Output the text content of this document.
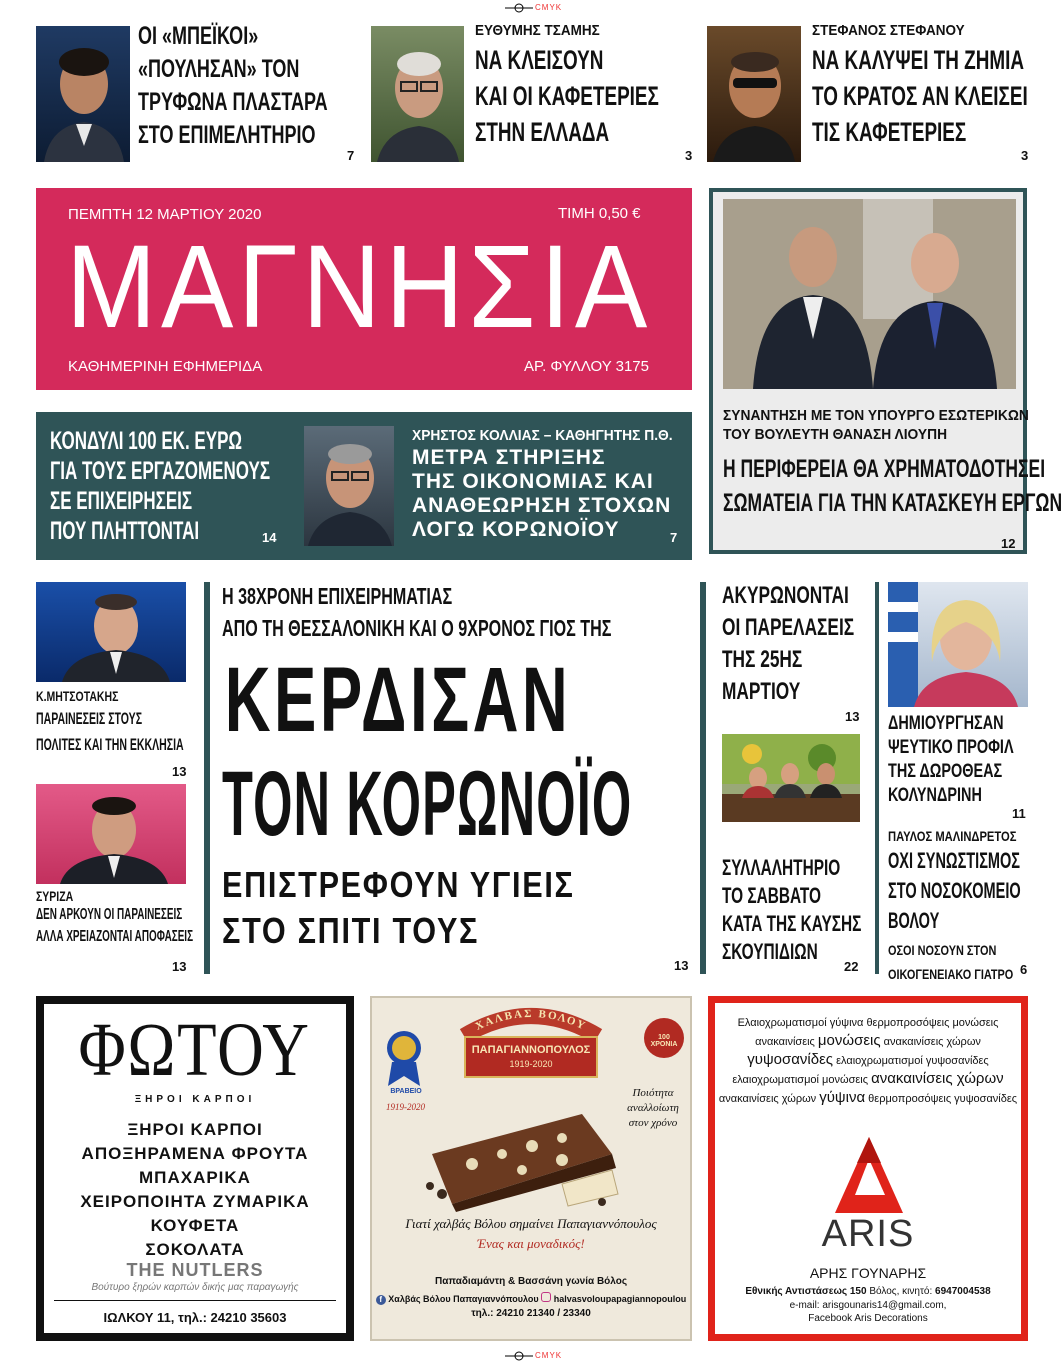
CMYK
ΟΙ «ΜΠΕΪΚΟΙ»
«ΠΟΥΛΗΣΑΝ» ΤΟΝ
ΤΡΥΦΩΝΑ ΠΛΑΣΤΑΡΑ
ΣΤΟ ΕΠΙΜΕΛΗΤΗΡΙΟ
7
ΕΥΘΥΜΗΣ ΤΣΑΜΗΣ
ΝΑ ΚΛΕΙΣΟΥΝ
ΚΑΙ ΟΙ ΚΑΦΕΤΕΡΙΕΣ
ΣΤΗΝ ΕΛΛΑΔΑ
3
ΣΤΕΦΑΝΟΣ ΣΤΕΦΑΝΟΥ
ΝΑ ΚΑΛΥΨΕΙ ΤΗ ΖΗΜΙΑ
ΤΟ ΚΡΑΤΟΣ ΑΝ ΚΛΕΙΣΕΙ
ΤΙΣ ΚΑΦΕΤΕΡΙΕΣ
3
ΠΕΜΠΤΗ 12 ΜΑΡΤΙΟΥ 2020	ΤΙΜΗ 0,50 €
ΜΑΓΝΗΣΙΑ
ΚΑΘΗΜΕΡΙΝΗ ΕΦΗΜΕΡΙΔΑ	ΑΡ. ΦΥΛΛΟΥ 3175
ΣΥΝΑΝΤΗΣΗ ΜΕ ΤΟΝ ΥΠΟΥΡΓΟ ΕΣΩΤΕΡΙΚΩΝ
ΤΟΥ ΒΟΥΛΕΥΤΗ ΘΑΝΑΣΗ ΛΙΟΥΠΗ
Η ΠΕΡΙΦΕΡΕΙΑ ΘΑ ΧΡΗΜΑΤΟΔΟΤΗΣΕΙ
ΣΩΜΑΤΕΙΑ ΓΙΑ ΤΗΝ ΚΑΤΑΣΚΕΥΗ ΕΡΓΩΝ
12
ΚΟΝΔΥΛΙ 100 ΕΚ. ΕΥΡΩ
ΓΙΑ ΤΟΥΣ ΕΡΓΑΖΟΜΕΝΟΥΣ
ΣΕ ΕΠΙΧΕΙΡΗΣΕΙΣ
ΠΟΥ ΠΛΗΤΤΟΝΤΑΙ	14
ΧΡΗΣΤΟΣ ΚΟΛΛΙΑΣ – ΚΑΘΗΓΗΤΗΣ Π.Θ.
ΜΕΤΡΑ ΣΤΗΡΙΞΗΣ
ΤΗΣ ΟΙΚΟΝΟΜΙΑΣ ΚΑΙ
ΑΝΑΘΕΩΡΗΣΗ ΣΤΟΧΩΝ
ΛΟΓΩ ΚΟΡΩΝΟΪΟΥ	7
Κ.ΜΗΤΣΟΤΑΚΗΣ
ΠΑΡΑΙΝΕΣΕΙΣ ΣΤΟΥΣ
ΠΟΛΙΤΕΣ ΚΑΙ ΤΗΝ ΕΚΚΛΗΣΙΑ
13
ΣΥΡΙΖΑ
ΔΕΝ ΑΡΚΟΥΝ ΟΙ ΠΑΡΑΙΝΕΣΕΙΣ
ΑΛΛΑ ΧΡΕΙΑΖΟΝΤΑΙ ΑΠΟΦΑΣΕΙΣ
13
Η 38ΧΡΟΝΗ ΕΠΙΧΕΙΡΗΜΑΤΙΑΣ
ΑΠΟ ΤΗ ΘΕΣΣΑΛΟΝΙΚΗ ΚΑΙ Ο 9ΧΡΟΝΟΣ ΓΙΟΣ ΤΗΣ
ΚΕΡΔΙΣΑΝ
ΤΟΝ ΚΟΡΩΝΟΪΟ
ΕΠΙΣΤΡΕΦΟΥΝ ΥΓΙΕΙΣ
ΣΤΟ ΣΠΙΤΙ ΤΟΥΣ
13
ΑΚΥΡΩΝΟΝΤΑΙ
ΟΙ ΠΑΡΕΛΑΣΕΙΣ
ΤΗΣ 25ΗΣ
ΜΑΡΤΙΟΥ
13
ΣΥΛΛΑΛΗΤΗΡΙΟ
ΤΟ ΣΑΒΒΑΤΟ
ΚΑΤΑ ΤΗΣ ΚΑΥΣΗΣ
ΣΚΟΥΠΙΔΙΩΝ
22
ΔΗΜΙΟΥΡΓΗΣΑΝ
ΨΕΥΤΙΚΟ ΠΡΟΦΙΛ
ΤΗΣ ΔΩΡΟΘΕΑΣ
ΚΟΛΥΝΔΡΙΝΗ
11
ΠΑΥΛΟΣ ΜΑΛΙΝΔΡΕΤΟΣ
ΟΧΙ ΣΥΝΩΣΤΙΣΜΟΣ
ΣΤΟ ΝΟΣΟΚΟΜΕΙΟ
ΒΟΛΟΥ
ΟΣΟΙ ΝΟΣΟΥΝ ΣΤΟΝ
ΟΙΚΟΓΕΝΕΙΑΚΟ ΓΙΑΤΡΟ 6
ΦΩΤΟΥ
ΞΗΡΟΙ ΚΑΡΠΟΙ
ΞΗΡΟΙ ΚΑΡΠΟΙ
ΑΠΟΞΗΡΑΜΕΝΑ ΦΡΟΥΤΑ
ΜΠΑΧΑΡΙΚΑ
ΧΕΙΡΟΠΟΙΗΤΑ ΖΥΜΑΡΙΚΑ
ΚΟΥΦΕΤΑ
ΣΟΚΟΛΑΤΑ
THE NUTLERS
Βούτυρο ξηρών καρπών δικής μας παραγωγής
ΙΩΛΚΟΥ 11, τηλ.: 24210 35603
ΧΑΛΒΑΣ ΒΟΛΟΥ
ΠΑΠΑΓΙΑΝΝΟΠΟΥΛΟΣ
1919-2020
ΒΡΑΒΕΙΟ
1919-2020
100 ΧΡΟΝΙΑ
Ποιότητα
αναλλοίωτη
στον χρόνο
Γιατί χαλβάς Βόλου σημαίνει Παπαγιαννόπουλος
Ένας και μοναδικός!
Παπαδιαμάντη & Βασσάνη γωνία Βόλος
f Χαλβάς Βόλου Παπαγιαννόπουλου halvasvoloupapagiannopoulou
τηλ.: 24210 21340 / 23340
Ελαιοχρωματισμοί γύψινα θερμοπροσόψεις μονώσεις
ανακαινίσεις μονώσεις ανακαινίσεις χώρων
γυψοσανίδες ελαιοχρωματισμοί γυψοσανίδες
ελαιοχρωματισμοί μονώσεις ανακαινίσεις χώρων
ανακαινίσεις χώρων γύψινα θερμοπροσόψεις γυψοσανίδες
ARIS
ΑΡΗΣ ΓΟΥΝΑΡΗΣ
Εθνικής Αντιστάσεως 150 Βόλος, κινητό: 6947004538
e-mail: arisgounaris14@gmail.com,
Facebook Aris Decorations
CMYK
